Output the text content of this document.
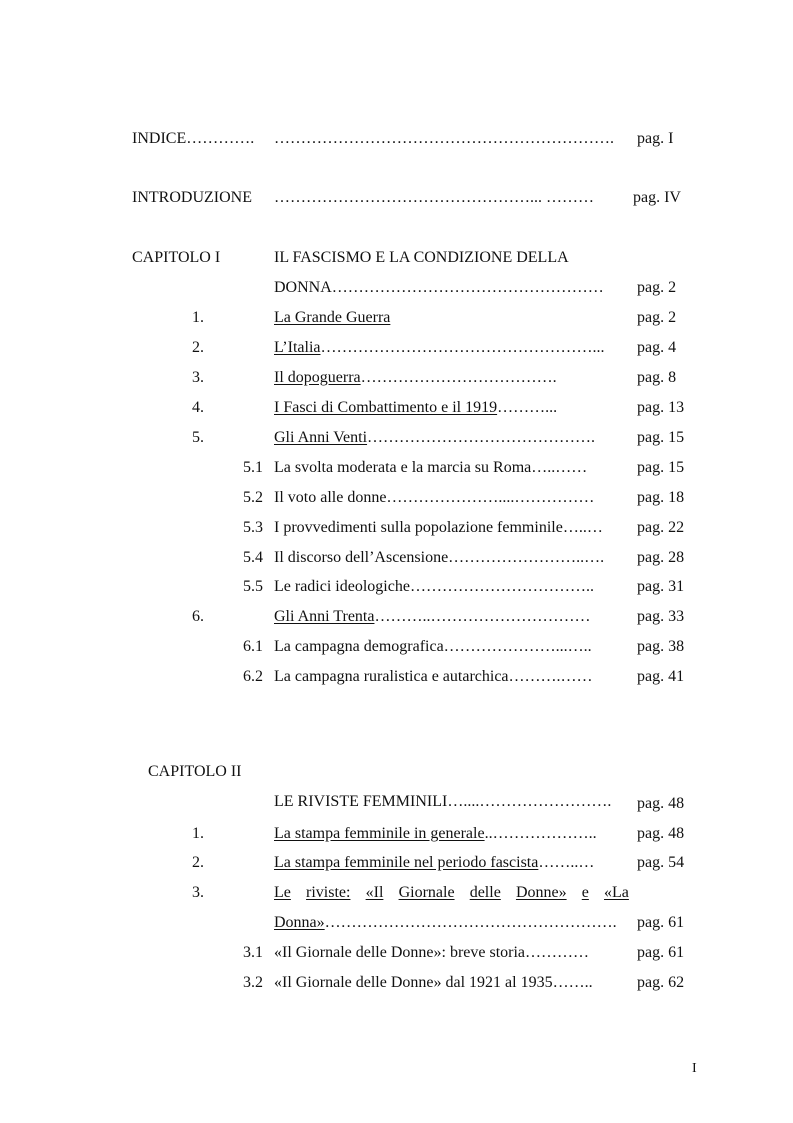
INDICE…………. ………………………………………………………. pag. I
INTRODUZIONE …………………………………………... ……… pag. IV
CAPITOLO I	IL FASCISMO E LA CONDIZIONE DELLA
DONNA…………………………………………… pag. 2
1.	La Grande Guerra	pag. 2
2.	L’Italia……………………………………………... pag. 4
3.	Il dopoguerra……………………………….	pag. 8
4.	I Fasci di Combattimento e il 1919………...	pag. 13
5.	Gli Anni Venti…………………………………….	pag. 15
5.1 La svolta moderata e la marcia su Roma…..……	pag. 15
5.2 Il voto alle donne…………………....……………	pag. 18
5.3 I provvedimenti sulla popolazione femminile…..… pag. 22
5.4 Il discorso dell’Ascensione……………………..…. pag. 28
5.5 Le radici ideologiche……………………………..	pag. 31
6.	Gli Anni Trenta………..…………………………	pag. 33
6.1 La campagna demografica…………………...…..	pag. 38
6.2 La campagna ruralistica e autarchica……….……	pag. 41
CAPITOLO II
LE RIVISTE FEMMINILI…....……………………. pag. 48
1.	La stampa femminile in generale..………………..	pag. 48
2.	La stampa femminile nel periodo fascista……..…	pag. 54
3.	Le riviste: «Il Giornale delle Donne» e «La
Donna»………………………………………………. pag. 61
3.1 «Il Giornale delle Donne»: breve storia…………	pag. 61
3.2 «Il Giornale delle Donne» dal 1921 al 1935……..	pag. 62
I
